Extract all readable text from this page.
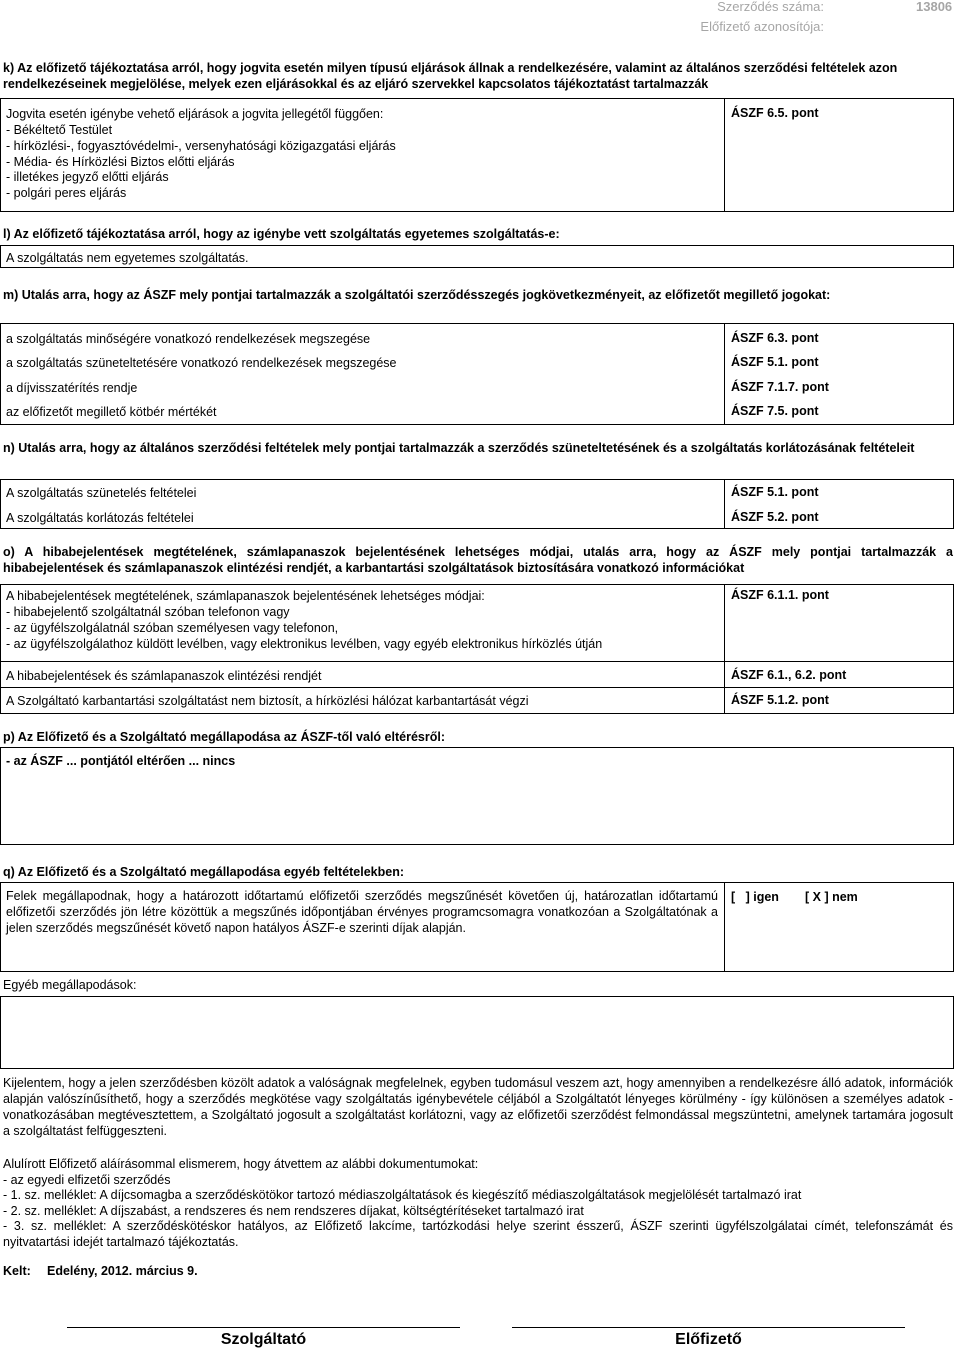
Szerződés száma:	13806
Előfizető azonosítója:
k) Az előfizető tájékoztatása arról, hogy jogvita esetén milyen típusú eljárások állnak a rendelkezésére, valamint az általános szerződési feltételek azon rendelkezéseinek megjelölése, melyek ezen eljárásokkal és az eljáró szervekkel kapcsolatos tájékoztatást tartalmazzák
Jogvita esetén igénybe vehető eljárások a jogvita jellegétől függően:
- Békéltető Testület
- hírközlési-, fogyasztóvédelmi-, versenyhatósági közigazgatási eljárás
- Média- és Hírközlési Biztos előtti eljárás
- illetékes jegyző előtti eljárás
- polgári peres eljárás
ÁSZF 6.5. pont
l) Az előfizető tájékoztatása arról, hogy az igénybe vett szolgáltatás egyetemes szolgáltatás-e:
A szolgáltatás nem egyetemes szolgáltatás.
m) Utalás arra, hogy az ÁSZF mely pontjai tartalmazzák a szolgáltatói szerződésszegés jogkövetkezményeit, az előfizetőt megillető jogokat:
a szolgáltatás minőségére vonatkozó rendelkezések megszegése	ÁSZF 6.3. pont
a szolgáltatás szüneteltetésére vonatkozó rendelkezések megszegése	ÁSZF 5.1. pont
a díjvisszatérítés rendje	ÁSZF 7.1.7. pont
az előfizetőt megillető kötbér mértékét	ÁSZF 7.5. pont
n) Utalás arra, hogy az általános szerződési feltételek mely pontjai tartalmazzák a szerződés szüneteltetésének és a szolgáltatás korlátozásának feltételeit
A szolgáltatás szünetelés feltételei	ÁSZF 5.1. pont
A szolgáltatás korlátozás feltételei	ÁSZF 5.2. pont
o) A hibabejelentések megtételének, számlapanaszok bejelentésének lehetséges módjai, utalás arra, hogy az ÁSZF mely pontjai tartalmazzák a hibabejelentések és számlapanaszok elintézési rendjét, a karbantartási szolgáltatások biztosítására vonatkozó információkat
A hibabejelentések megtételének, számlapanaszok bejelentésének lehetséges módjai:
- hibabejelentő szolgáltatnál szóban telefonon vagy
- az ügyfélszolgálatnál szóban személyesen vagy telefonon,
- az ügyfélszolgálathoz küldött levélben, vagy elektronikus levélben, vagy egyéb elektronikus hírközlés útján
ÁSZF 6.1.1. pont
A hibabejelentések és számlapanaszok elintézési rendjét	ÁSZF 6.1., 6.2. pont
A Szolgáltató karbantartási szolgáltatást nem biztosít, a hírközlési hálózat karbantartását végzi	ÁSZF 5.1.2. pont
p) Az Előfizető és a Szolgáltató megállapodása az ÁSZF-től való eltérésről:
- az ÁSZF ... pontjától eltérően ... nincs
q) Az Előfizető és a Szolgáltató megállapodása egyéb feltételekben:
Felek megállapodnak, hogy a határozott időtartamú előfizetői szerződés megszűnését követően új, határozatlan időtartamú előfizetői szerződés jön létre közöttük a megszűnés időpontjában érvényes programcsomagra vonatkozóan a Szolgáltatónak a jelen szerződés megszűnését követő napon hatályos ÁSZF-e szerinti díjak alapján.
[   ] igen [ X ] nem
Egyéb megállapodások:
Kijelentem, hogy a jelen szerződésben közölt adatok a valóságnak megfelelnek, egyben tudomásul veszem azt, hogy amennyiben a rendelkezésre álló adatok, információk alapján valószínűsíthető, hogy a szerződés megkötése vagy szolgáltatás igénybevétele céljából a Szolgáltatót lényeges körülmény - így különösen a személyes adatok - vonatkozásában megtévesztettem, a Szolgáltató jogosult a szolgáltatást korlátozni, vagy az előfizetői szerződést felmondással megszüntetni, amelynek tartamára jogosult a szolgáltatást felfüggeszteni.
Alulírott Előfizető aláírásommal elismerem, hogy átvettem az alábbi dokumentumokat:
- az egyedi elfizetői szerződés
- 1. sz. melléklet: A díjcsomagba a szerződéskötökor tartozó médiaszolgáltatások és kiegészítő médiaszolgáltatások megjelölését tartalmazó irat
- 2. sz. melléklet: A díjszabást, a rendszeres és nem rendszeres díjakat, költségtérítéseket tartalmazó irat
- 3. sz. melléklet: A szerződéskötéskor hatályos, az Előfizető lakcíme, tartózkodási helye szerint ésszerű, ÁSZF szerinti ügyfélszolgálatai címét, telefonszámát és nyitvatartási idejét tartalmazó tájékoztatás.
Kelt: Edelény, 2012. március 9.
Szolgáltató	Előfizető
